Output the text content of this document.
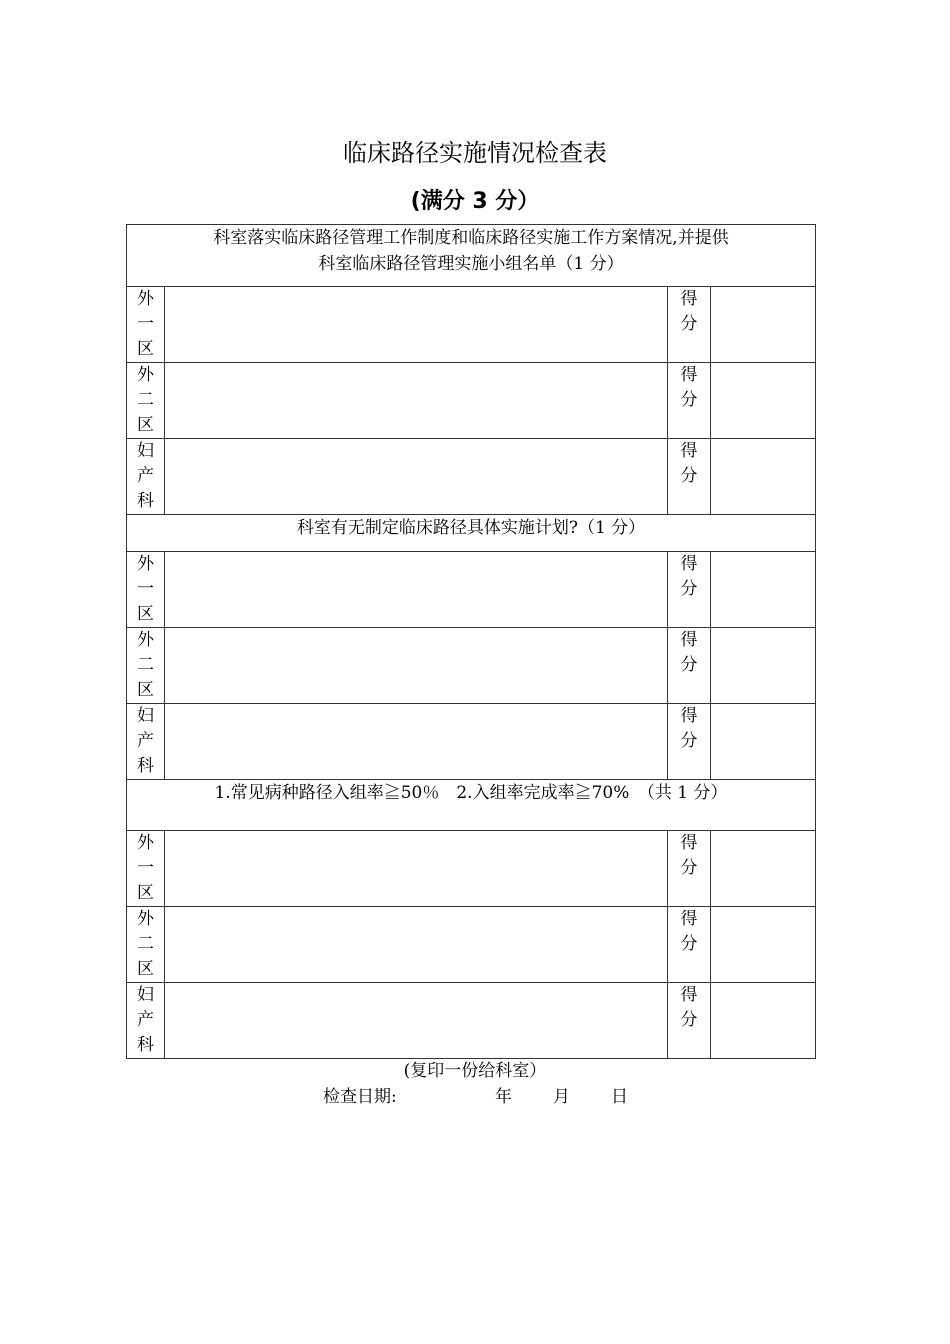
临床路径实施情况检查表
(满分 3 分）
科室落实临床路径管理工作制度和临床路径实施工作方案情况,并提供
科室临床路径管理实施小组名单（1 分）			

外
一
区		得
分	

外
二
区		得
分	

妇
产
科		得
分	

科室有无制定临床路径具体实施计划?（1 分）			

外
一
区		得
分	

外
二
区		得
分	

妇
产
科		得
分	

1.常见病种路径入组率≧50％　2.入组率完成率≧70%　（共 1 分）			

外
一
区		得
分	

外
二
区		得
分	

妇
产
科		得
分	

(复印一份给科室）
检查日期:	年 月 日
